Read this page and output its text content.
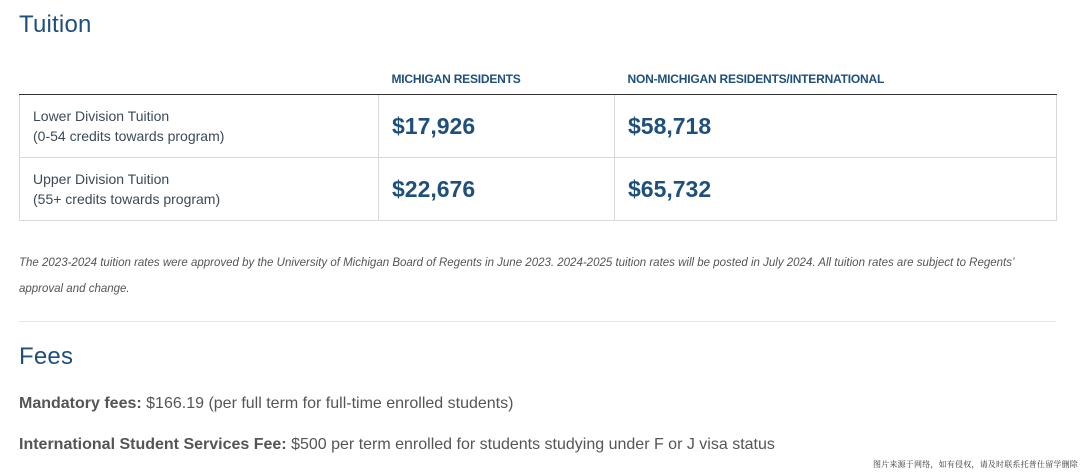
Tuition
	MICHIGAN RESIDENTS	NON-MICHIGAN RESIDENTS/INTERNATIONAL

Lower Division Tuition
(0-54 credits towards program)	$17,926	$58,718

Upper Division Tuition
(55+ credits towards program)	$22,676	$65,732

The 2023-2024 tuition rates were approved by the University of Michigan Board of Regents in June 2023. 2024-2025 tuition rates will be posted in July 2024. All tuition rates are subject to Regents’ approval and change.

Fees

Mandatory fees: $166.19 (per full term for full-time enrolled students)

International Student Services Fee: $500 per term enrolled for students studying under F or J visa status

图片来源于网络，如有侵权，请及时联系托普仕留学删除
